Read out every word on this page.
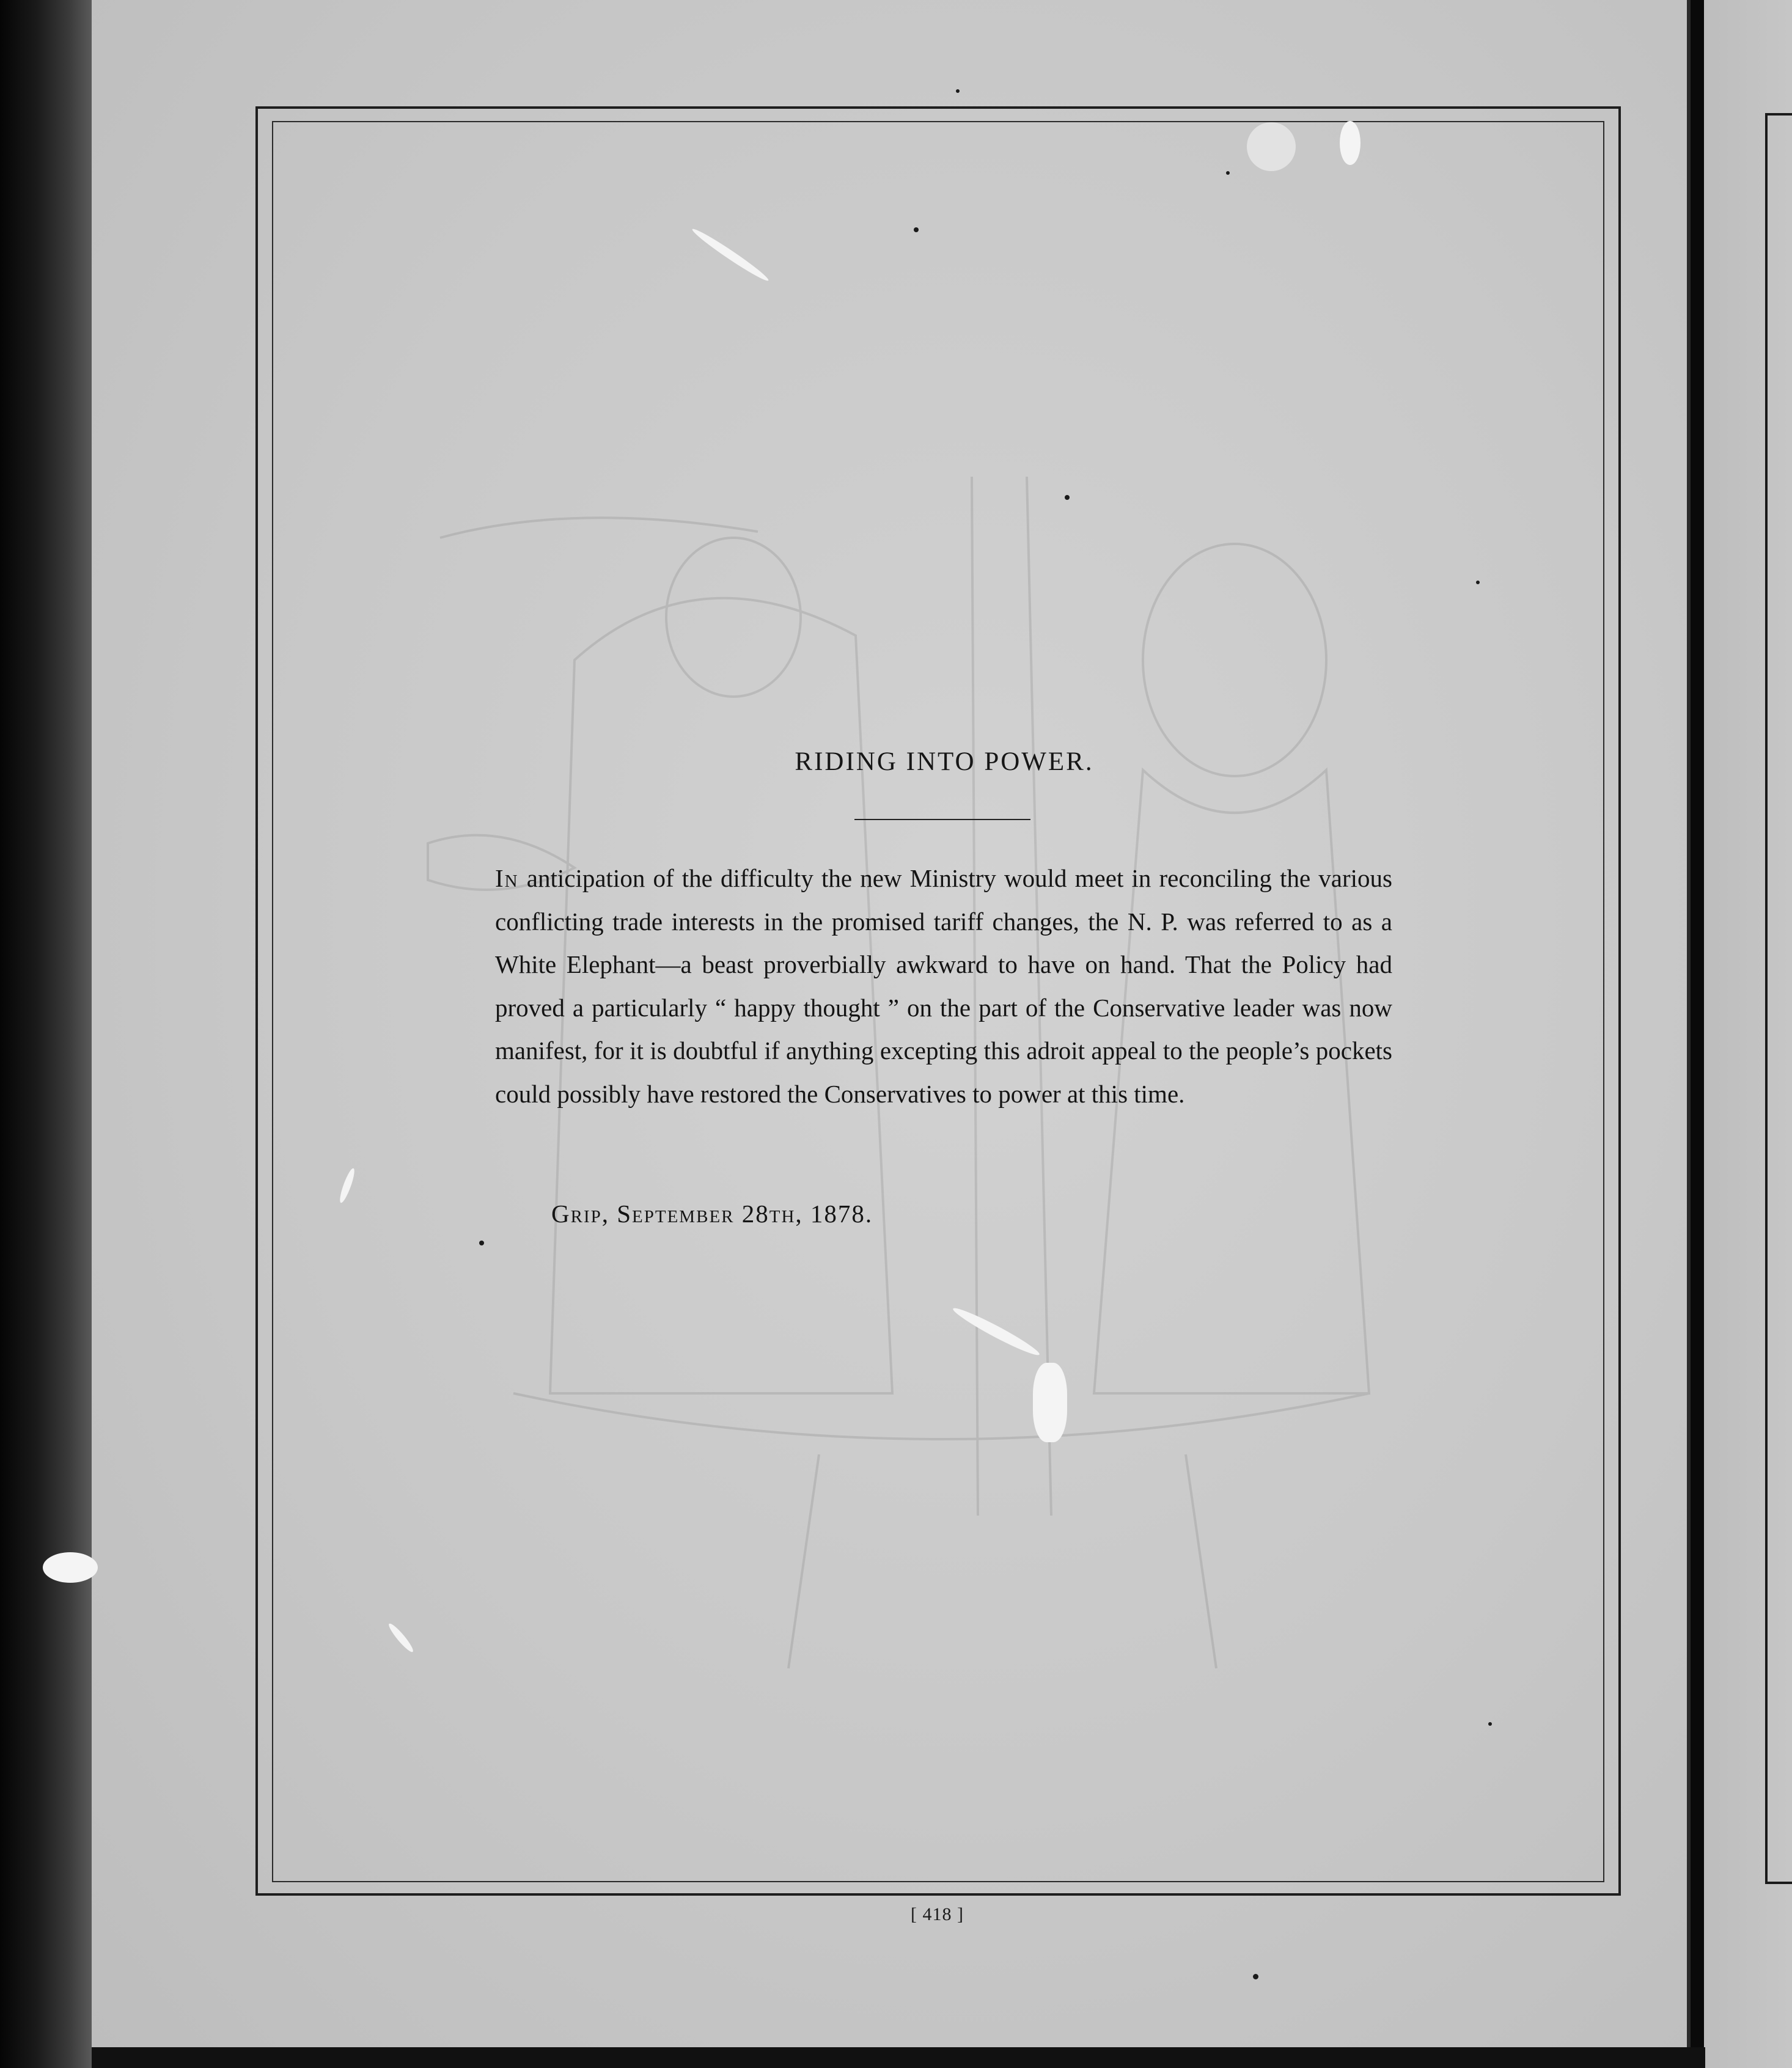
RIDING INTO POWER.
In anticipation of the difficulty the new Ministry would meet in reconciling the various conflicting trade interests in the promised tariff changes, the N. P. was referred to as a White Elephant—a beast proverbially awkward to have on hand. That the Policy had proved a particularly “ happy thought ” on the part of the Conservative leader was now manifest, for it is doubtful if anything excepting this adroit appeal to the people’s pockets could possibly have restored the Conservatives to power at this time.
Grip, September 28th, 1878.
[ 418 ]
